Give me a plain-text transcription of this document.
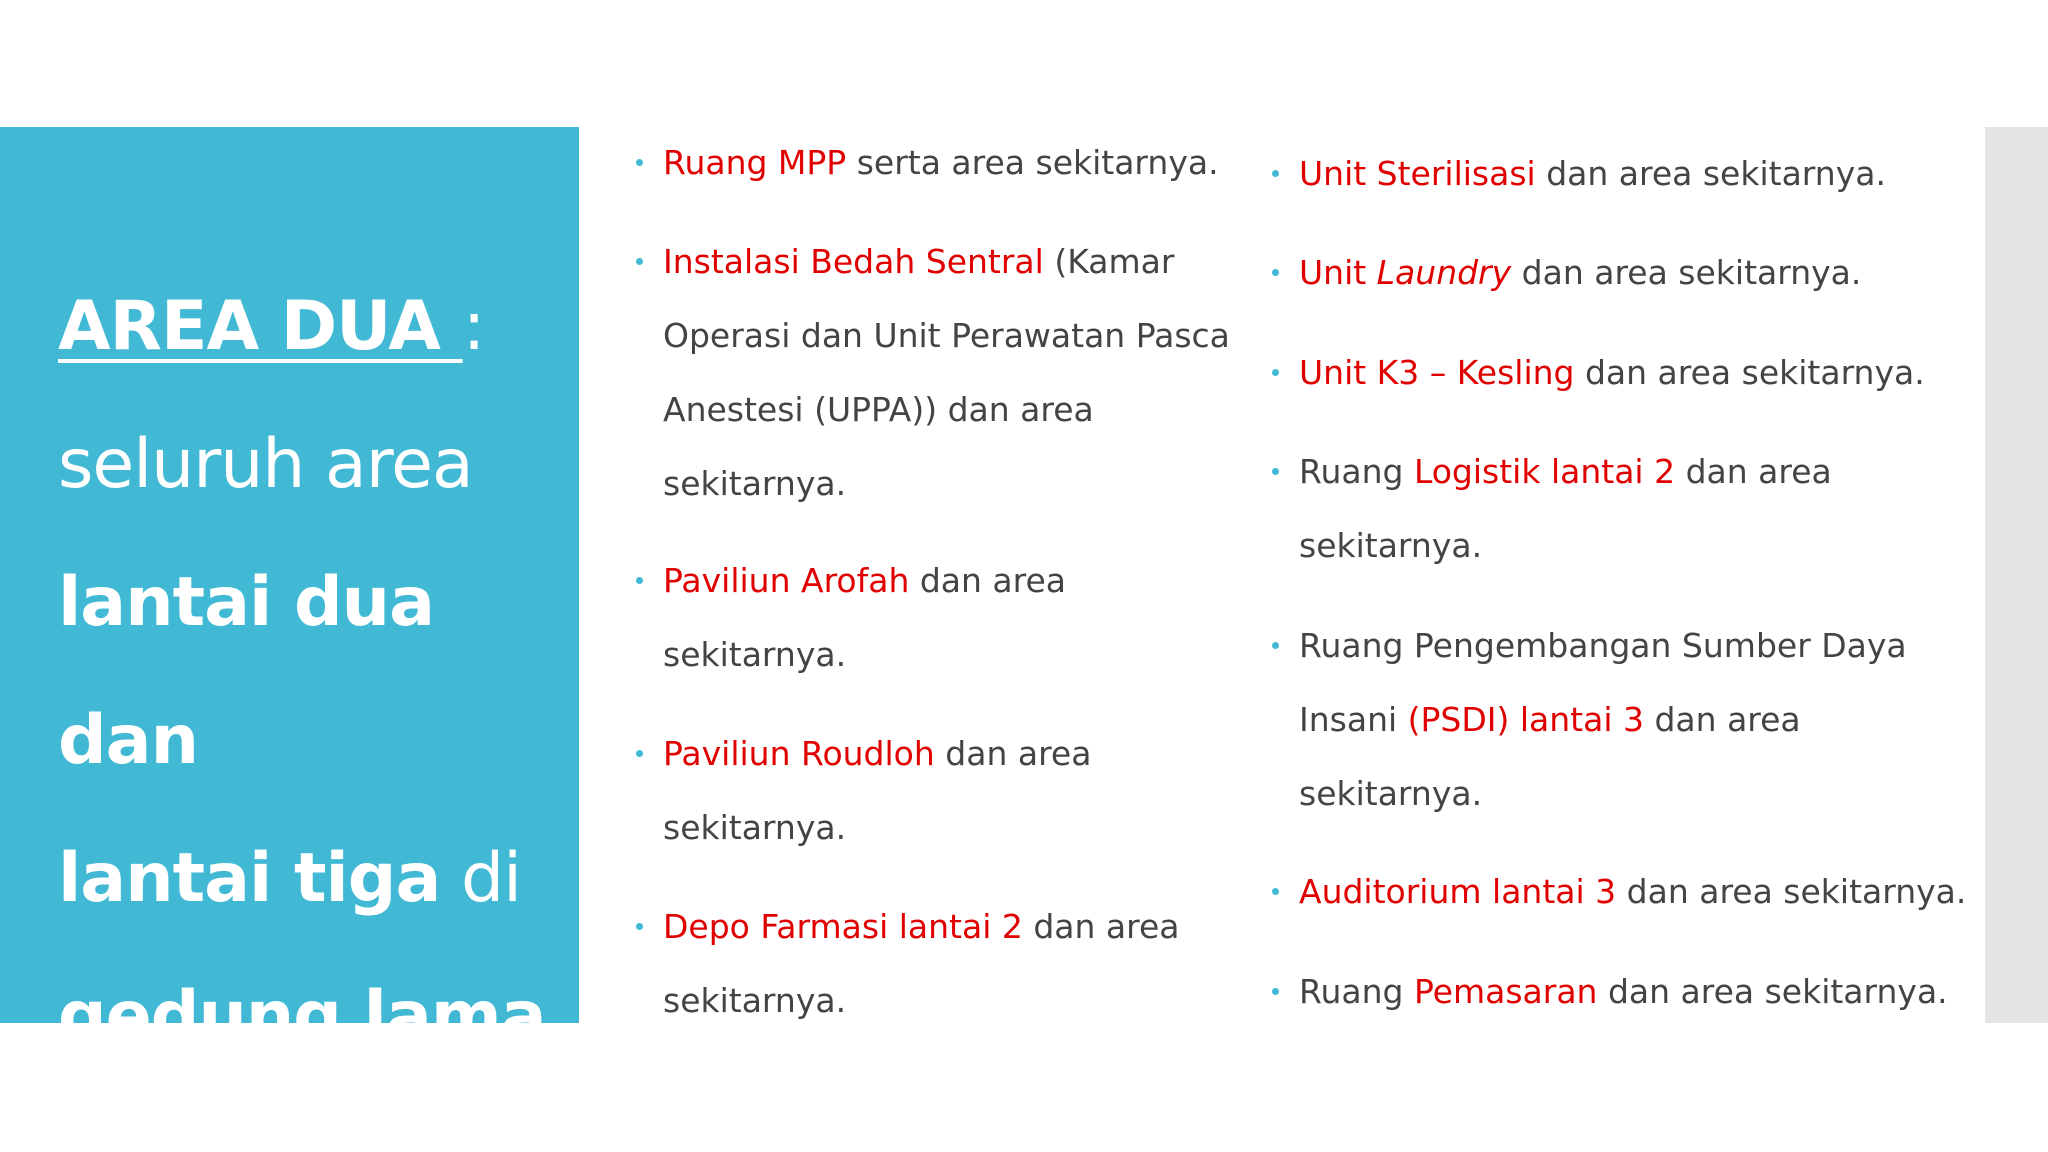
AREA DUA :
seluruh area
lantai dua dan
lantai tiga di
gedung lama
Ruang MPP serta area sekitarnya.
Instalasi Bedah Sentral (Kamar
Operasi dan Unit Perawatan Pasca
Anestesi (UPPA)) dan area
sekitarnya.
Paviliun Arofah dan area
sekitarnya.
Paviliun Roudloh dan area
sekitarnya.
Depo Farmasi lantai 2 dan area
sekitarnya.
Unit Sterilisasi dan area sekitarnya.
Unit Laundry dan area sekitarnya.
Unit K3 – Kesling dan area sekitarnya.
Ruang Logistik lantai 2 dan area
sekitarnya.
Ruang Pengembangan Sumber Daya
Insani (PSDI) lantai 3 dan area
sekitarnya.
Auditorium lantai 3 dan area sekitarnya.
Ruang Pemasaran dan area sekitarnya.
